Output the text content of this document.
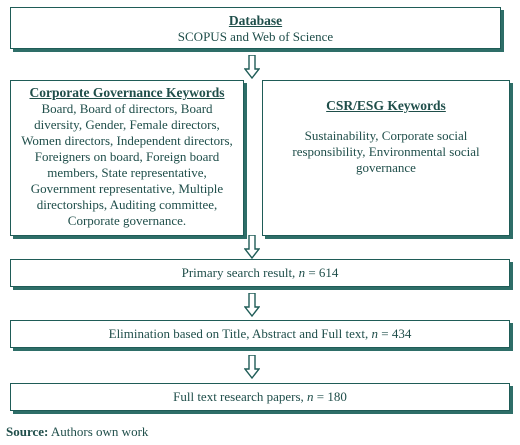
Database
SCOPUS and Web of Science
Corporate Governance Keywords
Board, Board of directors, Board
diversity, Gender, Female directors,
Women directors, Independent directors,
Foreigners on board, Foreign board
members, State representative,
Government representative, Multiple
directorships, Auditing committee,
Corporate governance.
CSR/ESG Keywords
Sustainability, Corporate social
responsibility, Environmental social
governance
Primary search result, n = 614
Elimination based on Title, Abstract and Full text, n = 434
Full text research papers, n = 180
Source: Authors own work
